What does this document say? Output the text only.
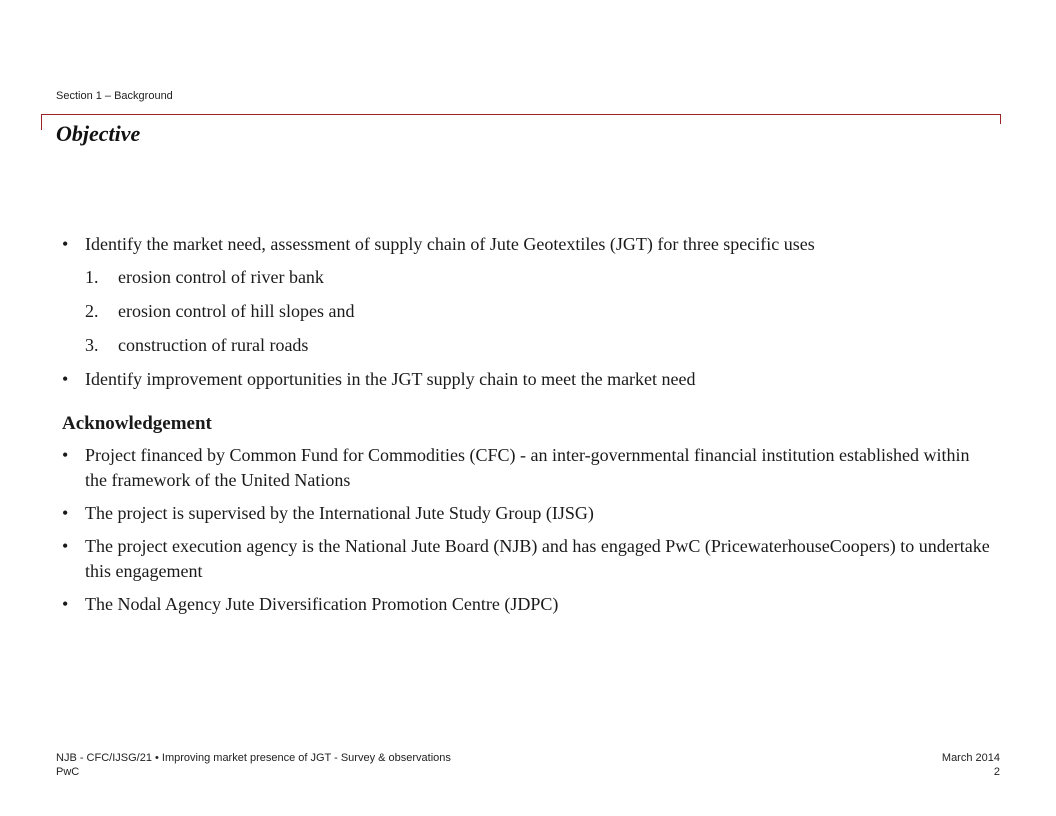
Section 1 – Background
Objective
• Identify the market need, assessment of supply chain of Jute Geotextiles (JGT) for three specific uses
1. erosion control of river bank
2. erosion control of hill slopes and
3. construction of rural roads
• Identify improvement opportunities in the JGT supply chain to meet the market need
Acknowledgement
• Project financed by Common Fund for Commodities (CFC) - an inter-governmental financial institution established within the framework of the United Nations
• The project is supervised by the International Jute Study Group (IJSG)
• The project execution agency is the National Jute Board (NJB) and has engaged PwC (PricewaterhouseCoopers) to undertake this engagement
• The Nodal Agency Jute Diversification Promotion Centre (JDPC)
NJB - CFC/IJSG/21 • Improving market presence of JGT - Survey & observations
PwC
March 2014
2
